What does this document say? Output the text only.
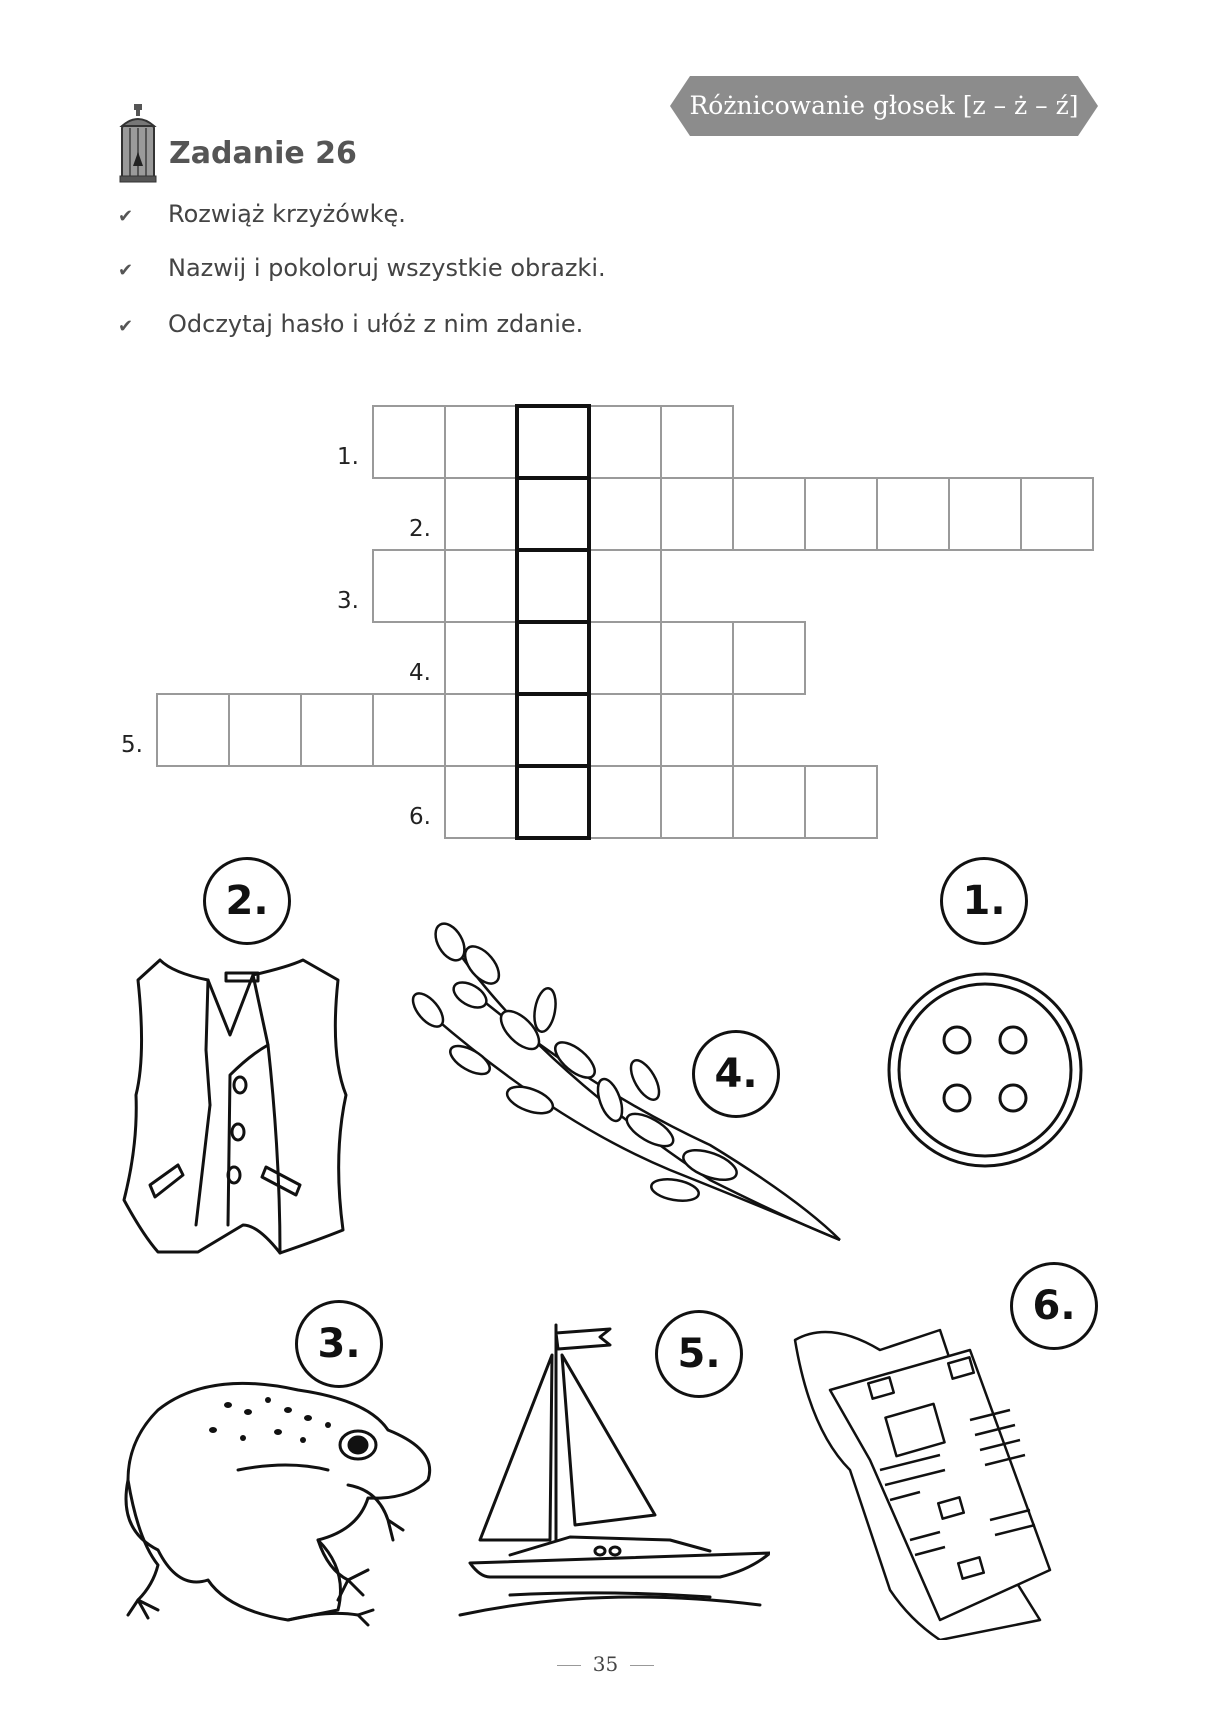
Różnicowanie głosek [z – ż – ź]
Zadanie 26
✔ Rozwiąż krzyżówkę.
✔ Nazwij i pokoloruj wszystkie obrazki.
✔ Odczytaj hasło i ułóż z nim zdanie.
1.
2.
3.
4.
5.
6.
2.
4.
1.
3.	5.
6.
35
